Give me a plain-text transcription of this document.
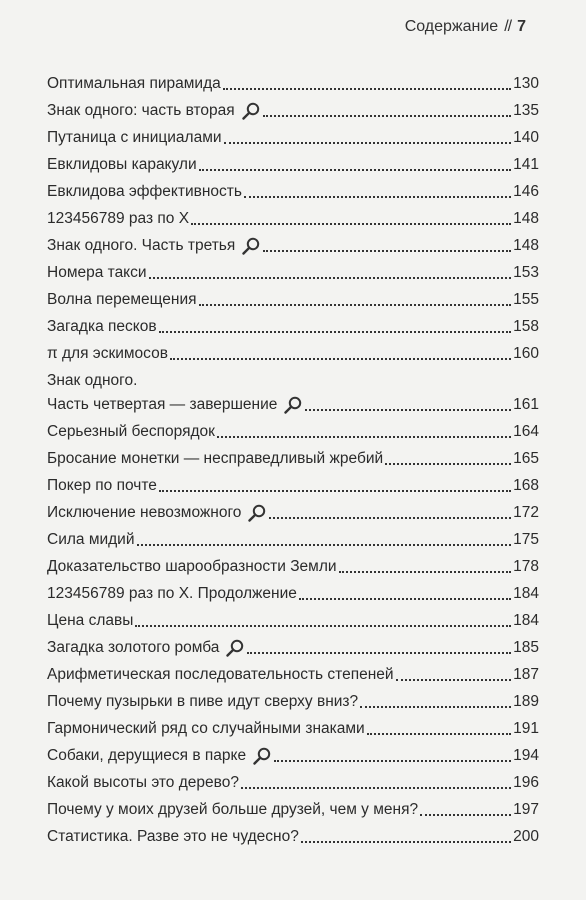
Содержание // 7
Оптимальная пирамида	130
Знак одного: часть вторая	135
Путаница с инициалами	140
Евклидовы каракули	141
Евклидова эффективность	146
123456789 раз по X	148
Знак одного. Часть третья	148
Номера такси	153
Волна перемещения	155
Загадка песков	158
π для эскимосов	160
Знак одного.
Часть четвертая — завершение	161
Серьезный беспорядок	164
Бросание монетки — несправедливый жребий	165
Покер по почте	168
Исключение невозможного	172
Сила мидий	175
Доказательство шарообразности Земли	178
123456789 раз по X. Продолжение	184
Цена славы	184
Загадка золотого ромба	185
Арифметическая последовательность степеней	187
Почему пузырьки в пиве идут сверху вниз?	189
Гармонический ряд со случайными знаками	191
Собаки, дерущиеся в парке	194
Какой высоты это дерево?	196
Почему у моих друзей больше друзей, чем у меня?	197
Статистика. Разве это не чудесно?	200
